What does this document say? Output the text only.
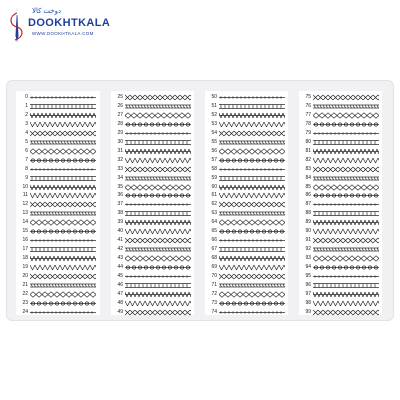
دوخت کالا
DOOKHTKALA
WWW.DOOKHTKALA.COM
0
1
2
3
4
5
6
7
8
9
10
11
12
13
14
15
16
17
18
19
20
21
22
23
24
25
26
27
28
29
30
31
32
33
34
35
36
37
38
39
40
41
42
43
44
45
46
47
48
49
50
51
52
53
54
55
56
57
58
59
60
61
62
63
64
65
66
67
68
69
70
71
72
73
74
75
76
77
78
79
80
81
82
83
84
85
86
87
88
89
90
91
92
93
94
95
96
97
98
99
